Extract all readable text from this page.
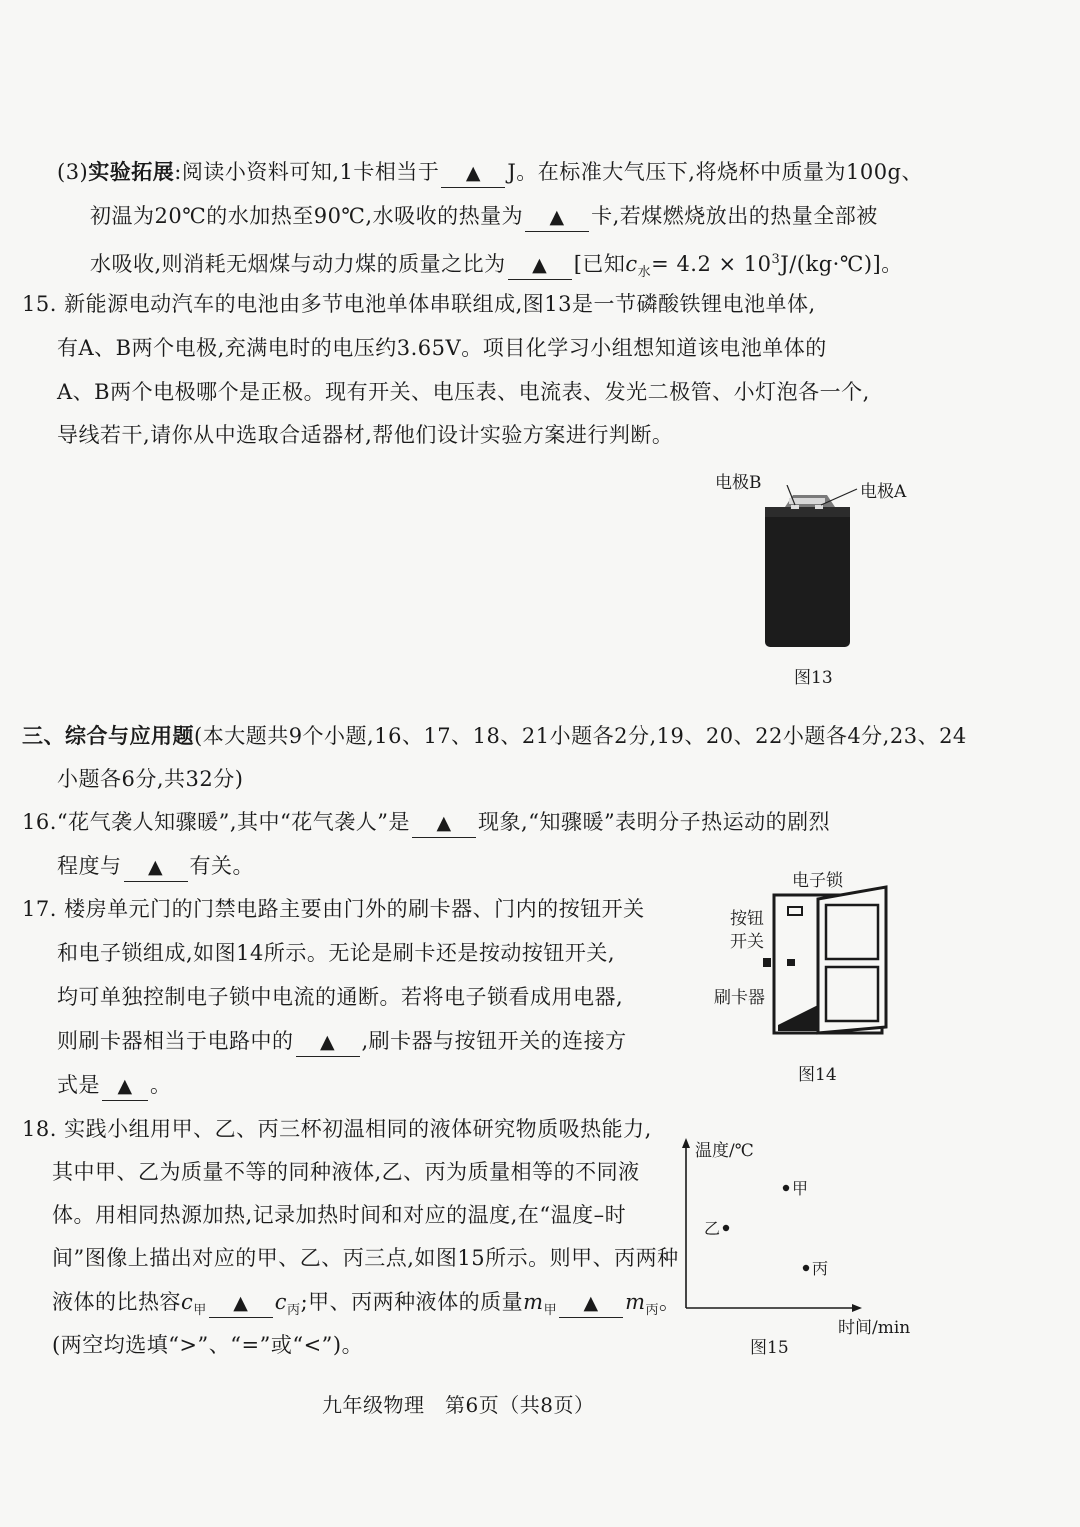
(3)实验拓展:阅读小资料可知,1卡相当于 ▲ J。在标准大气压下,将烧杯中质量为100g、
初温为20℃的水加热至90℃,水吸收的热量为 ▲ 卡,若煤燃烧放出的热量全部被
水吸收,则消耗无烟煤与动力煤的质量之比为 ▲ [已知$c_水= 4.2$ × $10^3J/(kg\cdot℃)$]。
15. 新能源电动汽车的电池由多节电池单体串联组成,图13是一节磷酸铁锂电池单体,
有A、B两个电极,充满电时的电压约3.65V。项目化学习小组想知道该电池单体的
A、B两个电极哪个是正极。现有开关、电压表、电流表、发光二极管、小灯泡各一个,
导线若干,请你从中选取合适器材,帮他们设计实验方案进行判断。
电极B	电极A
图13
三、综合与应用题(本大题共9个小题,16、17、18、21小题各2分,19、20、22小题各4分,23、24
小题各6分,共32分)
16.“花气袭人知骤暖”,其中“花气袭人”是 ▲ 现象,“知骤暖”表明分子热运动的剧烈
程度与 ▲ 有关。
17. 楼房单元门的门禁电路主要由门外的刷卡器、门内的按钮开关
和电子锁组成,如图14所示。无论是刷卡还是按动按钮开关,
均可单独控制电子锁中电流的通断。若将电子锁看成用电器,
则刷卡器相当于电路中的 ▲ ,刷卡器与按钮开关的连接方
式是 ▲ 。
电子锁
按钮
开关
刷卡器
图14
18. 实践小组用甲、乙、丙三杯初温相同的液体研究物质吸热能力,
其中甲、乙为质量不等的同种液体,乙、丙为质量相等的不同液
体。用相同热源加热,记录加热时间和对应的温度,在“温度–时
间”图像上描出对应的甲、乙、丙三点,如图15所示。则甲、丙两种
液体的比热容$c_甲$ ▲ $c_丙$;甲、丙两种液体的质量$m_甲$ ▲ $m_丙$。
(两空均选填“>”、“=”或“<”)。
甲
乙
丙
温度/℃
时间/min
图15
九年级物理　第6页（共8页）
